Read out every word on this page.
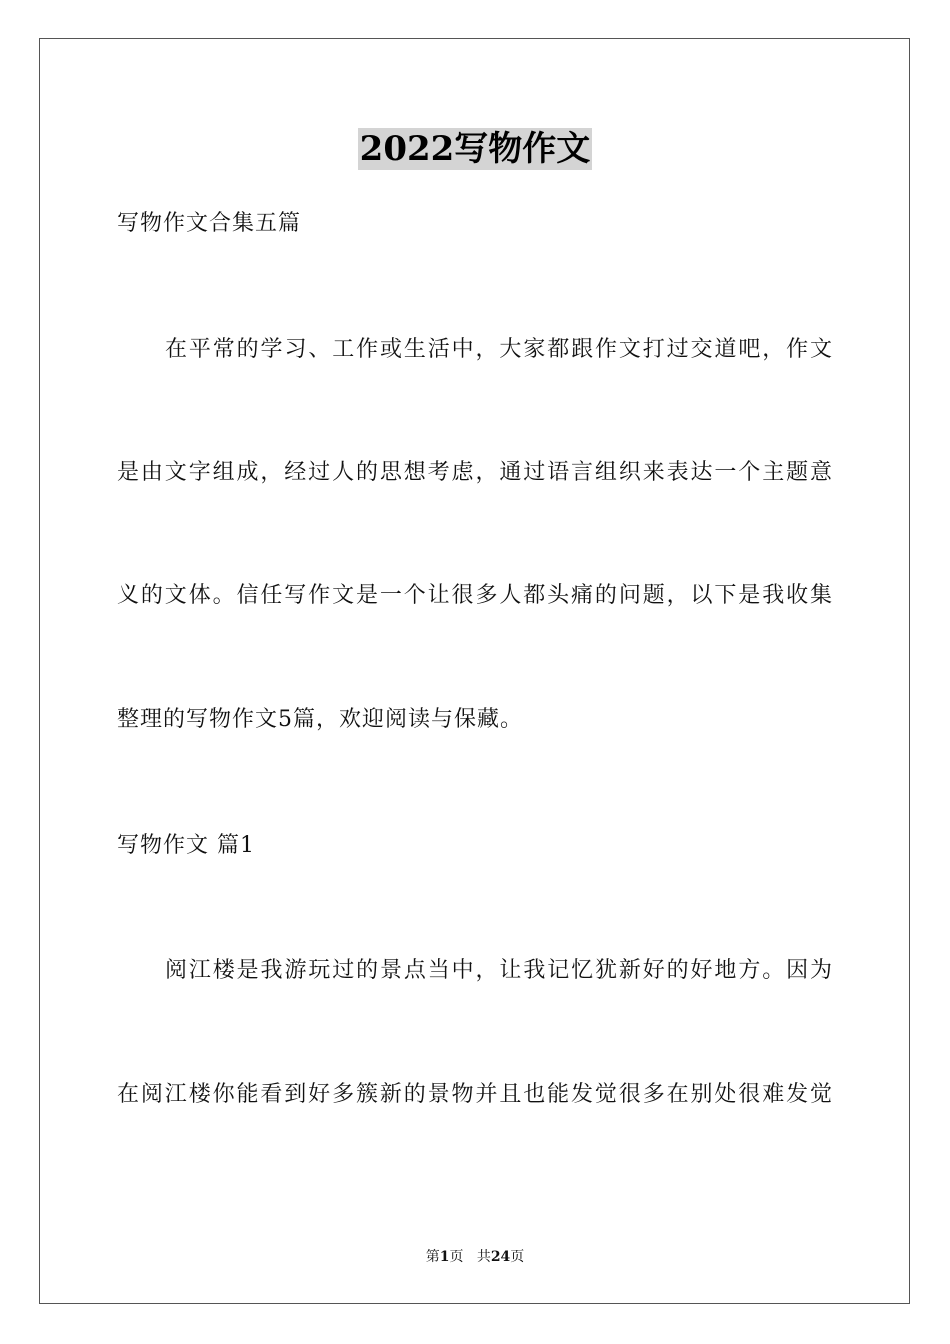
2022写物作文
写物作文合集五篇
在平常的学习、工作或生活中，大家都跟作文打过交道吧，作文
是由文字组成，经过人的思想考虑，通过语言组织来表达一个主题意
义的文体。信任写作文是一个让很多人都头痛的问题，以下是我收集
整理的写物作文5篇，欢迎阅读与保藏。
写物作文 篇1
阅江楼是我游玩过的景点当中，让我记忆犹新好的好地方。因为
在阅江楼你能看到好多簇新的景物并且也能发觉很多在别处很难发觉
第1页 共24页
